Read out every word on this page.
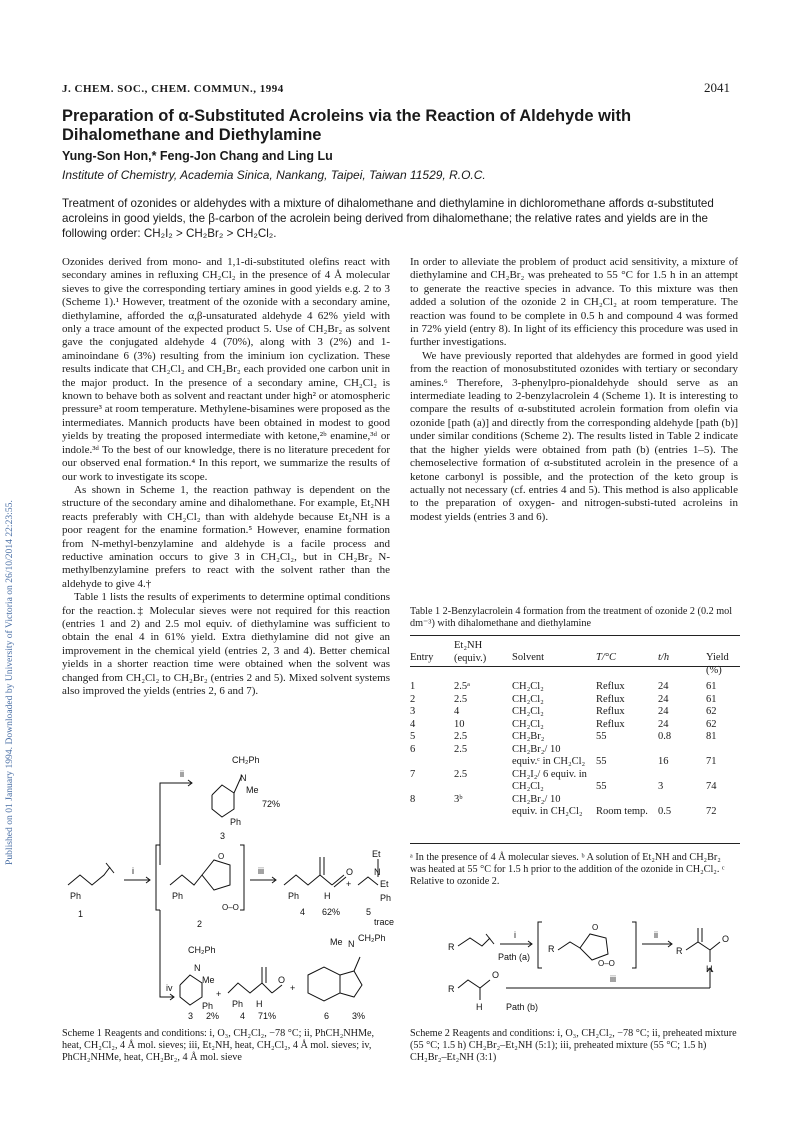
J. CHEM. SOC., CHEM. COMMUN., 1994	2041
Preparation of α-Substituted Acroleins via the Reaction of Aldehyde with Dihalomethane and Diethylamine
Yung-Son Hon,* Feng-Jon Chang and Ling Lu
Institute of Chemistry, Academia Sinica, Nankang, Taipei, Taiwan 11529, R.O.C.
Treatment of ozonides or aldehydes with a mixture of dihalomethane and diethylamine in dichloromethane affords α-substituted acroleins in good yields, the β-carbon of the acrolein being derived from dihalomethane; the relative rates and yields are in the following order: CH₂I₂ > CH₂Br₂ > CH₂Cl₂.
Published on 01 January 1994. Downloaded by University of Victoria on 26/10/2014 22:23:55.

Ozonides derived from mono- and 1,1-di-substituted olefins react with secondary amines in refluxing CH₂Cl₂ in the presence of 4 Å molecular sieves to give the corresponding tertiary amines in good yields e.g. 2 to 3 (Scheme 1).¹ However, treatment of the ozonide with a secondary amine, diethylamine, afforded the α,β-unsaturated aldehyde 4 62% yield with only a trace amount of the expected product 5. Use of CH₂Br₂ as solvent gave the conjugated aldehyde 4 (70%), along with 3 (2%) and 1-aminoindane 6 (3%) resulting from the iminium ion cyclization. These results indicate that CH₂Cl₂ and CH₂Br₂ each provided one carbon unit in the major product. In the presence of a secondary amine, CH₂Cl₂ is known to behave both as solvent and reactant under high² or atomospheric pressure³ at room temperature. Methylene-bisamines were proposed as the intermediates. Mannich products have been obtained in modest to good yields by treating the proposed intermediate with ketone,²ᵇ enamine,³ᵈ or indole.³ᵈ To the best of our knowledge, there is no literature precedent for our observed enal formation.⁴ In this report, we summarize the results of our work to investigate its scope.

As shown in Scheme 1, the reaction pathway is dependent on the structure of the secondary amine and dihalomethane. For example, Et₂NH reacts preferably with CH₂Cl₂ than with aldehyde because Et₂NH is a poor reagent for the enamine formation.⁵ However, enamine formation from N-methyl-benzylamine and aldehyde is a facile process and reductive amination occurs to give 3 in CH₂Cl₂, but in CH₂Br₂ N-methylbenzylamine prefers to react with the solvent rather than the aldehyde to give 4.†

Table 1 lists the results of experiments to determine optimal conditions for the reaction.‡ Molecular sieves were not required for this reaction (entries 1 and 2) and 2.5 mol equiv. of diethylamine was sufficient to obtain the enal 4 in 61% yield. Extra diethylamine did not give an improvement in the chemical yield (entries 2, 3 and 4). Better chemical yields in a shorter reaction time were obtained when the solvent was changed from CH₂Cl₂ to CH₂Br₂ (entries 2 and 5). Mixed solvent systems also improved the yields (entries 2, 6 and 7).

In order to alleviate the problem of product acid sensitivity, a mixture of diethylamine and CH₂Br₂ was preheated to 55 °C for 1.5 h in an attempt to generate the reactive species in advance. To this mixture was then added a solution of the ozonide 2 in CH₂Cl₂ at room temperature. The reaction was found to be complete in 0.5 h and compound 4 was formed in 72% yield (entry 8). In light of its efficiency this procedure was used in further investigations.

We have previously reported that aldehydes are formed in good yield from the reaction of monosubstituted ozonides with tertiary or secondary amines.⁶ Therefore, 3-phenylpro-pionaldehyde should serve as an intermediate leading to 2-benzylacrolein 4 (Scheme 1). It is interesting to compare the results of α-substituted acrolein formation from olefin via ozonide [path (a)] and directly from the corresponding aldehyde [path (b)] under similar conditions (Scheme 2). The results listed in Table 2 indicate that the higher yields were obtained from path (b) (entries 1–5). The chemoselective formation of α-substituted acrolein in the presence of a ketone carbonyl is possible, and the protection of the keto group is actually not necessary (cf. entries 4 and 5). This method is also applicable to the preparation of oxygen- and nitrogen-substi-tuted acroleins in modest yields (entries 3 and 6).

Ph
1
i
Ph
O–O
O
2
iii
Ph	H
O
4 62%
+
Et
N
Et
Ph
5
trace
ii
CH₂Ph
N
Me
72%
Ph
3
iv
CH₂Ph
N
Me
Ph
3 2%
+
Ph H
O
4 71%
+
Me N
CH₂Ph
6	3%
Scheme 1 Reagents and conditions: i, O₃, CH₂Cl₂, −78 °C; ii, PhCH₂NHMe, heat, CH₂Cl₂, 4 Å mol. sieves; iii, Et₂NH, heat, CH₂Cl₂, 4 Å mol. sieves; iv, PhCH₂NHMe, heat, CH₂Br₂, 4 Å mol. sieve
Table 1 2-Benzylacrolein 4 formation from the treatment of ozonide 2 (0.2 mol dm⁻³) with dihalomethane and diethylamine
Entry	Et₂NH (equiv.)	Solvent	T/°C	t/h	Yield (%)

1	2.5ᵃ	CH₂Cl₂	Reflux	24	61
2	2.5	CH₂Cl₂	Reflux	24	61
3	4	CH₂Cl₂	Reflux	24	62
4	10	CH₂Cl₂	Reflux	24	62
5	2.5	CH₂Br₂	55	0.8	81
6	2.5	CH₂Br₂/ 10 equiv.ᶜ in CH₂Cl₂	55	16	71
7	2.5	CH₂I₂/ 6 equiv. in CH₂Cl₂	55	3	74
8	3ᵇ	CH₂Br₂/ 10 equiv. in CH₂Cl₂	Room temp.	0.5	72
ᵃ In the presence of 4 Å molecular sieves. ᵇ A solution of Et₂NH and CH₂Br₂ was heated at 55 °C for 1.5 h prior to the addition of the ozonide in CH₂Cl₂. ᶜ Relative to ozonide 2.
R
i
Path (a)
R
O
O–O
ii
R
O
H
R
O
H
iii
Path (b)
Scheme 2 Reagents and conditions: i, O₃, CH₂Cl₂, −78 °C; ii, preheated mixture (55 °C; 1.5 h) CH₂Br₂–Et₂NH (5:1); iii, preheated mixture (55 °C; 1.5 h) CH₂Br₂–Et₂NH (3:1)
